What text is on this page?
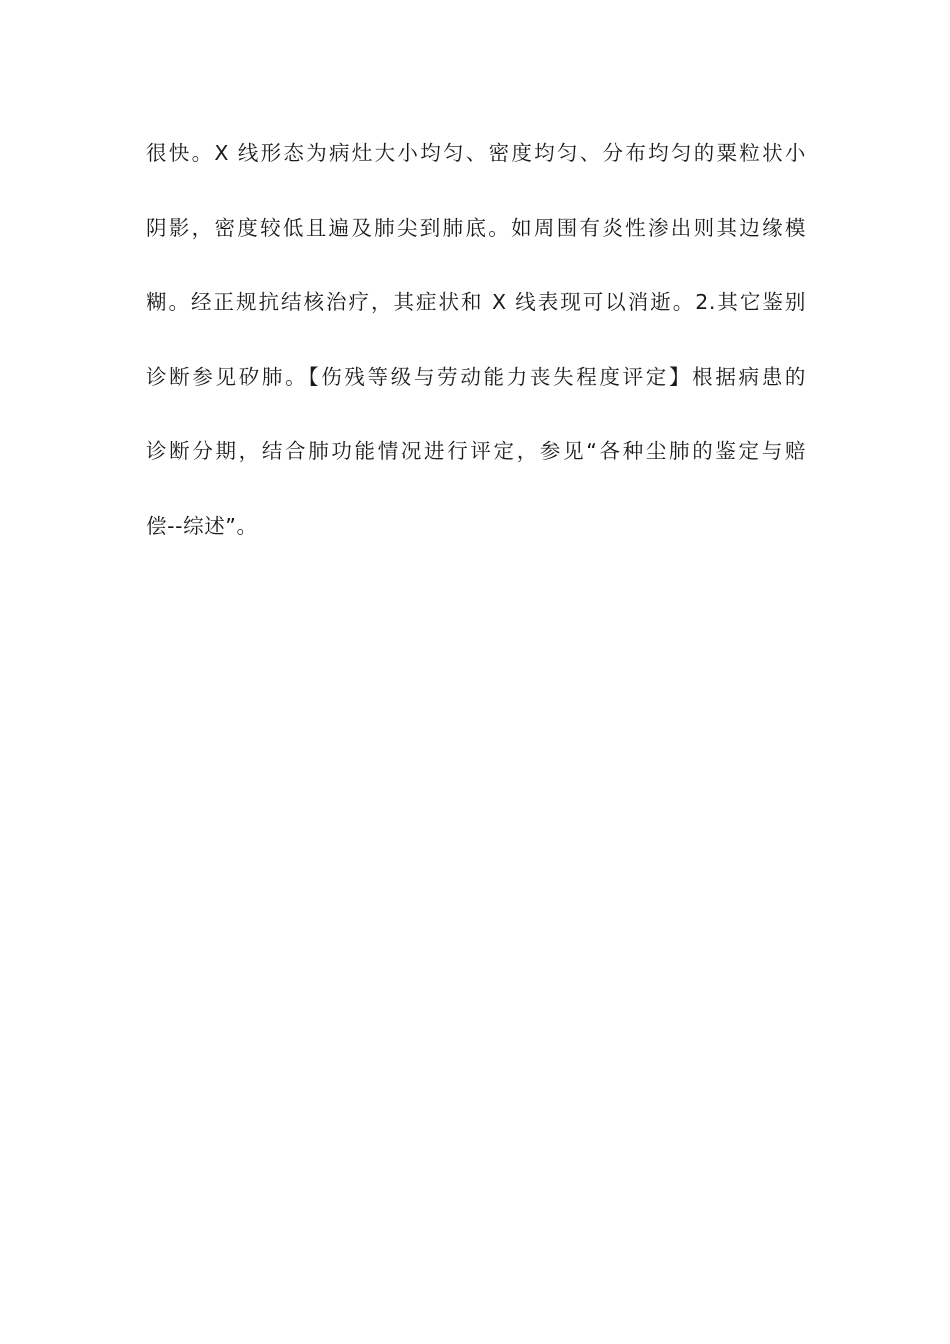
很快。X 线形态为病灶大小均匀、密度均匀、分布均匀的粟粒状小
阴影，密度较低且遍及肺尖到肺底。如周围有炎性渗出则其边缘模
糊。经正规抗结核治疗，其症状和 X 线表现可以消逝。2.其它鉴别
诊断参见矽肺。【伤残等级与劳动能力丧失程度评定】根据病患的
诊断分期，结合肺功能情况进行评定，参见“各种尘肺的鉴定与赔
偿--综述”。
